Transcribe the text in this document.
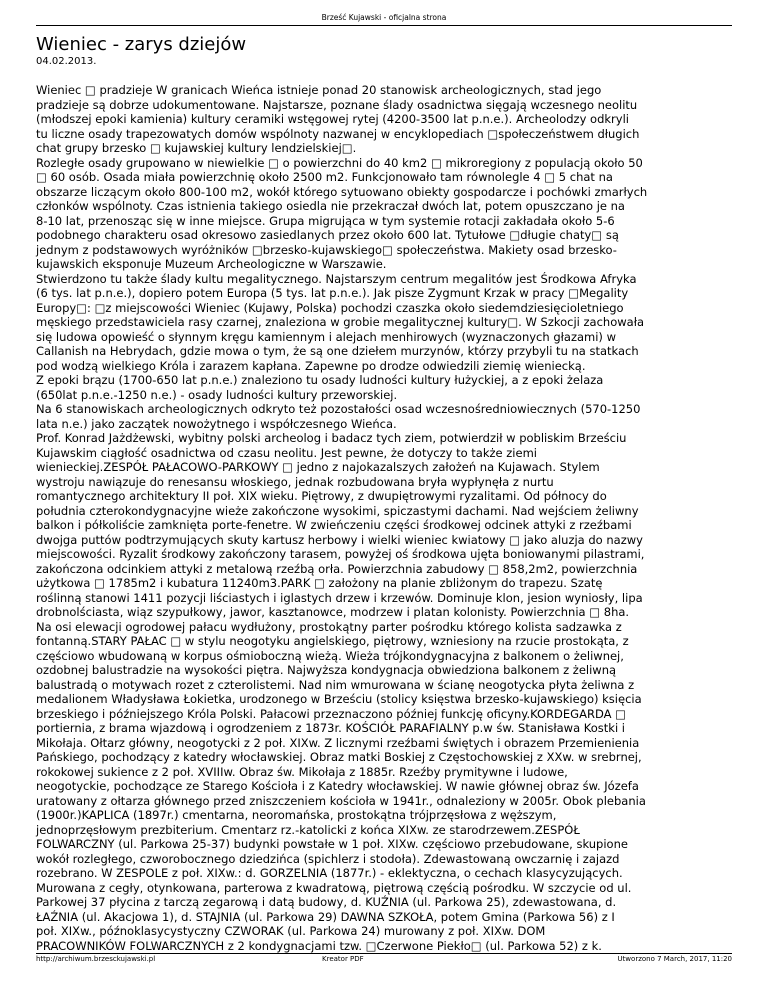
Brześć Kujawski - oficjalna strona
Wieniec - zarys dziejów
04.02.2013.
Wieniec □ pradzieje W granicach Wieńca istnieje ponad 20 stanowisk archeologicznych, stad jego
pradzieje są dobrze udokumentowane. Najstarsze, poznane ślady osadnictwa sięgają wczesnego neolitu
(młodszej epoki kamienia) kultury ceramiki wstęgowej rytej (4200-3500 lat p.n.e.). Archeolodzy odkryli
tu liczne osady trapezowatych domów wspólnoty nazwanej w encyklopediach □społeczeństwem długich
chat grupy brzesko □ kujawskiej kultury lendzielskiej□.
Rozległe osady grupowano w niewielkie □ o powierzchni do 40 km2 □ mikroregiony z populacją około 50
□ 60 osób. Osada miała powierzchnię około 2500 m2. Funkcjonowało tam równolegle 4 □ 5 chat na
obszarze liczącym około 800-100 m2, wokół którego sytuowano obiekty gospodarcze i pochówki zmarłych
członków wspólnoty. Czas istnienia takiego osiedla nie przekraczał dwóch lat, potem opuszczano je na
8-10 lat, przenosząc się w inne miejsce. Grupa migrująca w tym systemie rotacji zakładała około 5-6
podobnego charakteru osad okresowo zasiedlanych przez około 600 lat. Tytułowe □długie chaty□ są
jednym z podstawowych wyróżników □brzesko-kujawskiego□ społeczeństwa. Makiety osad brzesko-
kujawskich eksponuje Muzeum Archeologiczne w Warszawie.
Stwierdzono tu także ślady kultu megalitycznego. Najstarszym centrum megalitów jest Środkowa Afryka
(6 tys. lat p.n.e.), dopiero potem Europa (5 tys. lat p.n.e.). Jak pisze Zygmunt Krzak w pracy □Megality
Europy□: □z miejscowości Wieniec (Kujawy, Polska) pochodzi czaszka około siedemdziesięcioletniego
męskiego przedstawiciela rasy czarnej, znaleziona w grobie megalitycznej kultury□. W Szkocji zachowała
się ludowa opowieść o słynnym kręgu kamiennym i alejach menhirowych (wyznaczonych głazami) w
Callanish na Hebrydach, gdzie mowa o tym, że są one dziełem murzynów, którzy przybyli tu na statkach
pod wodzą wielkiego Króla i zarazem kapłana. Zapewne po drodze odwiedzili ziemię wieniecką.
Z epoki brązu (1700-650 lat p.n.e.) znaleziono tu osady ludności kultury łużyckiej, a z epoki żelaza
(650lat p.n.e.-1250 n.e.) - osady ludności kultury przeworskiej.
Na 6 stanowiskach archeologicznych odkryto też pozostałości osad wczesnośredniowiecznych (570-1250
lata n.e.) jako zaczątek nowożytnego i współczesnego Wieńca.
Prof. Konrad Jażdżewski, wybitny polski archeolog i badacz tych ziem, potwierdził w pobliskim Brześciu
Kujawskim ciągłość osadnictwa od czasu neolitu. Jest pewne, że dotyczy to także ziemi
wienieckiej.ZESPÓŁ PAŁACOWO-PARKOWY □ jedno z najokazalszych założeń na Kujawach. Stylem
wystroju nawiązuje do renesansu włoskiego, jednak rozbudowana bryła wypłynęła z nurtu
romantycznego architektury II poł. XIX wieku. Piętrowy, z dwupiętrowymi ryzalitami. Od północy do
południa czterokondygnacyjne wieże zakończone wysokimi, spiczastymi dachami. Nad wejściem żeliwny
balkon i półkoliście zamknięta porte-fenetre. W zwieńczeniu części środkowej odcinek attyki z rzeźbami
dwojga puttów podtrzymujących skuty kartusz herbowy i wielki wieniec kwiatowy □ jako aluzja do nazwy
miejscowości. Ryzalit środkowy zakończony tarasem, powyżej oś środkowa ujęta boniowanymi pilastrami,
zakończona odcinkiem attyki z metalową rzeźbą orła. Powierzchnia zabudowy □ 858,2m2, powierzchnia
użytkowa □ 1785m2 i kubatura 11240m3.PARK □ założony na planie zbliżonym do trapezu. Szatę
roślinną stanowi 1411 pozycji liściastych i iglastych drzew i krzewów. Dominuje klon, jesion wyniosły, lipa
drobnolściasta, wiąz szypułkowy, jawor, kasztanowce, modrzew i platan kolonisty. Powierzchnia □ 8ha.
Na osi elewacji ogrodowej pałacu wydłużony, prostokątny parter pośrodku którego kolista sadzawka z
fontanną.STARY PAŁAC □ w stylu neogotyku angielskiego, piętrowy, wzniesiony na rzucie prostokąta, z
częściowo wbudowaną w korpus ośmioboczną wieżą. Wieża trójkondygnacyjna z balkonem o żeliwnej,
ozdobnej balustradzie na wysokości piętra. Najwyższa kondygnacja obwiedziona balkonem z żeliwną
balustradą o motywach rozet z czterolistemi. Nad nim wmurowana w ścianę neogotycka płyta żeliwna z
medalionem Władysława Łokietka, urodzonego w Brześciu (stolicy księstwa brzesko-kujawskiego) księcia
brzeskiego i późniejszego Króla Polski. Pałacowi przeznaczono później funkcję oficyny.KORDEGARDA □
portiernia, z brama wjazdową i ogrodzeniem z 1873r. KOŚCIÓŁ PARAFIALNY p.w św. Stanisława Kostki i
Mikołaja. Ołtarz główny, neogotycki z 2 poł. XIXw. Z licznymi rzeźbami świętych i obrazem Przemienienia
Pańskiego, pochodzący z katedry włocławskiej. Obraz matki Boskiej z Częstochowskiej z XXw. w srebrnej,
rokokowej sukience z 2 poł. XVIIIw. Obraz św. Mikołaja z 1885r. Rzeźby prymitywne i ludowe,
neogotyckie, pochodzące ze Starego Kościoła i z Katedry włocławskiej. W nawie głównej obraz św. Józefa
uratowany z ołtarza głównego przed zniszczeniem kościoła w 1941r., odnaleziony w 2005r. Obok plebania
(1900r.)KAPLICA (1897r.) cmentarna, neoromańska, prostokątna trójprzęsłowa z węższym,
jednoprzęsłowym prezbiterium. Cmentarz rz.-katolicki z końca XIXw. ze starodrzewem.ZESPÓŁ
FOLWARCZNY (ul. Parkowa 25-37) budynki powstałe w 1 poł. XIXw. częściowo przebudowane, skupione
wokół rozległego, czworobocznego dziedzińca (spichlerz i stodoła). Zdewastowaną owczarnię i zajazd
rozebrano. W ZESPOLE z poł. XIXw.: d. GORZELNIA (1877r.) - eklektyczna, o cechach klasycyzujących.
Murowana z cegły, otynkowana, parterowa z kwadratową, piętrową częścią pośrodku. W szczycie od ul.
Parkowej 37 płycina z tarczą zegarową i datą budowy, d. KUŹNIA (ul. Parkowa 25), zdewastowana, d.
ŁAŹNIA (ul. Akacjowa 1), d. STAJNIA (ul. Parkowa 29) DAWNA SZKOŁA, potem Gmina (Parkowa 56) z I
poł. XIXw., późnoklasycystyczny CZWORAK (ul. Parkowa 24) murowany z poł. XIXw. DOM
PRACOWNIKÓW FOLWARCZNYCH z 2 kondygnacjami tzw. □Czerwone Piekło□ (ul. Parkowa 52) z k.
http://archiwum.brzesckujawski.pl	Kreator PDF	Utworzono 7 March, 2017, 11:20
